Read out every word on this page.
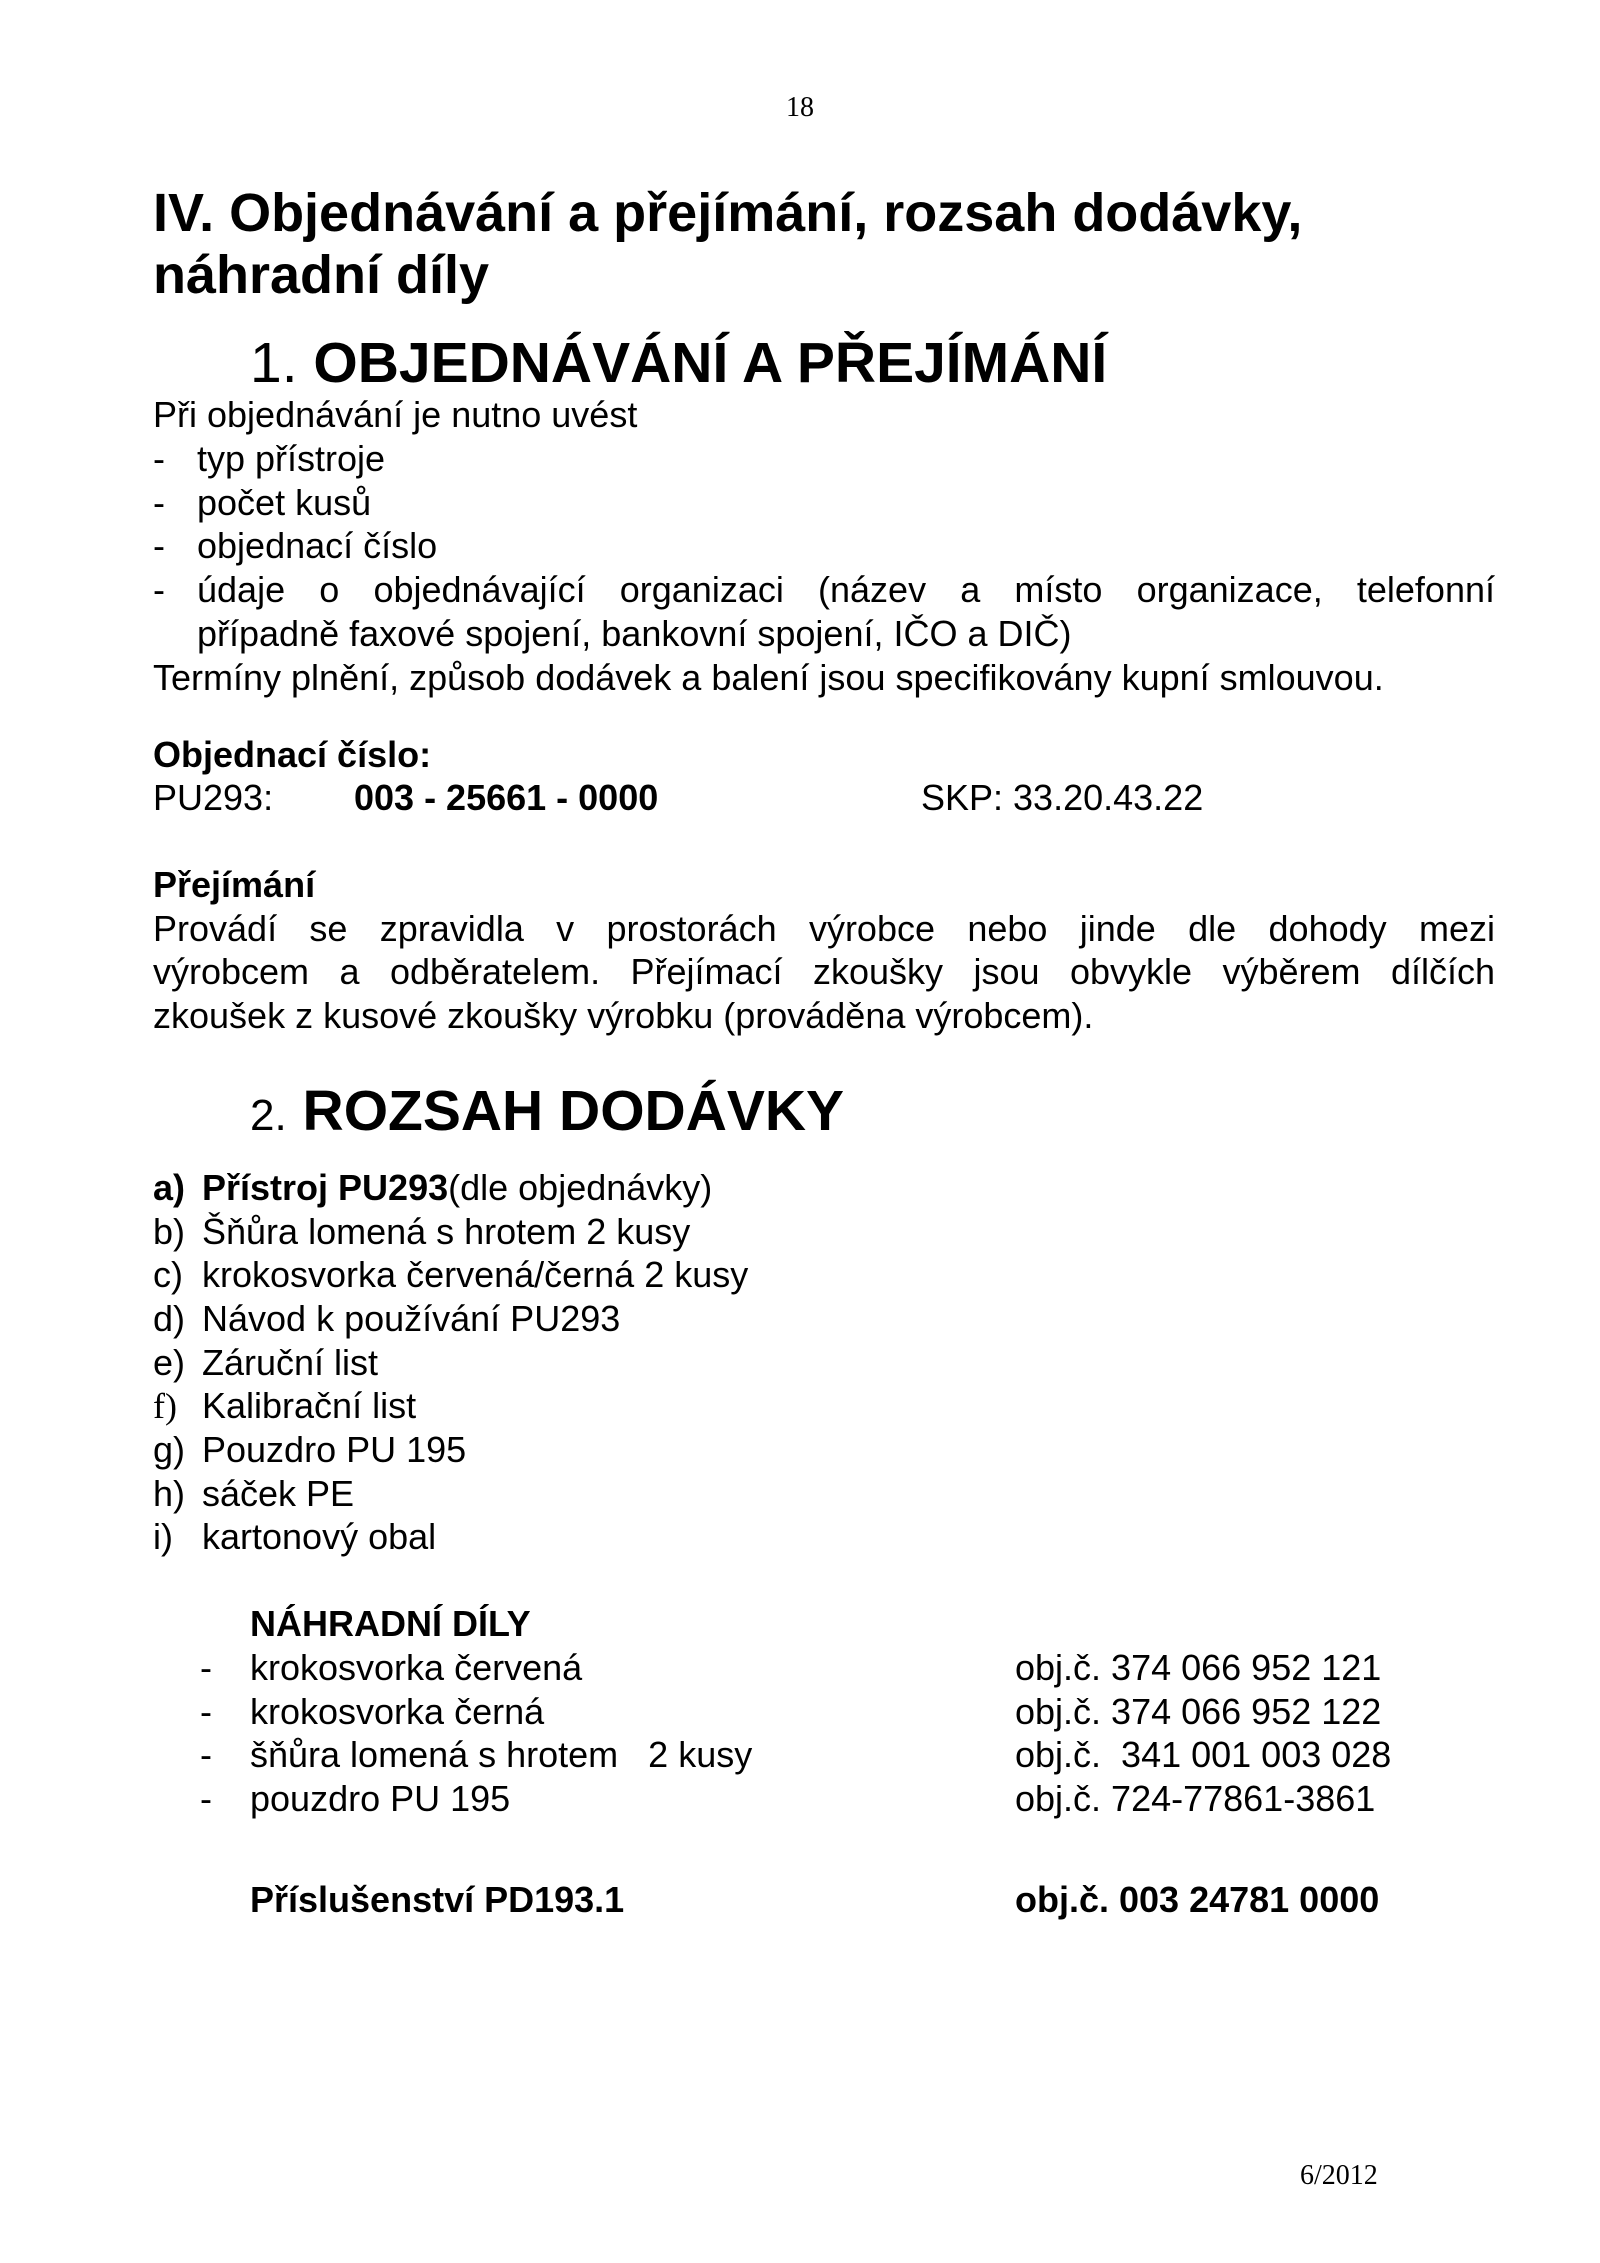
18
IV. Objednávání a přejímání, rozsah dodávky,
náhradní díly
1. OBJEDNÁVÁNÍ A PŘEJÍMÁNÍ
Při objednávání je nutno uvést
- typ přístroje
- počet kusů
- objednací číslo
- údaje o objednávající organizaci (název a místo organizace, telefonní
případně faxové spojení, bankovní spojení, IČO a DIČ)
Termíny plnění, způsob dodávek a balení jsou specifikovány kupní smlouvou.
Objednací číslo:
PU293: 003 - 25661 - 0000	SKP: 33.20.43.22
Přejímání
Provádí se zpravidla v prostorách výrobce nebo jinde dle dohody mezi
výrobcem a odběratelem. Přejímací zkoušky jsou obvykle výběrem dílčích
zkoušek z kusové zkoušky výrobku (prováděna výrobcem).
2. ROZSAH DODÁVKY
a) Přístroj PU293(dle objednávky)
b) Šňůra lomená s hrotem 2 kusy
c) krokosvorka červená/černá 2 kusy
d) Návod k používání PU293
e) Záruční list
f) Kalibrační list
g) Pouzdro PU 195
h) sáček PE
i) kartonový obal
NÁHRADNÍ DÍLY
- krokosvorka červená	obj.č. 374 066 952 121
- krokosvorka černá	obj.č. 374 066 952 122
- šňůra lomená s hrotem   2 kusy	obj.č.  341 001 003 028
- pouzdro PU 195	obj.č. 724-77861-3861
Příslušenství PD193.1	obj.č. 003 24781 0000
6/2012
